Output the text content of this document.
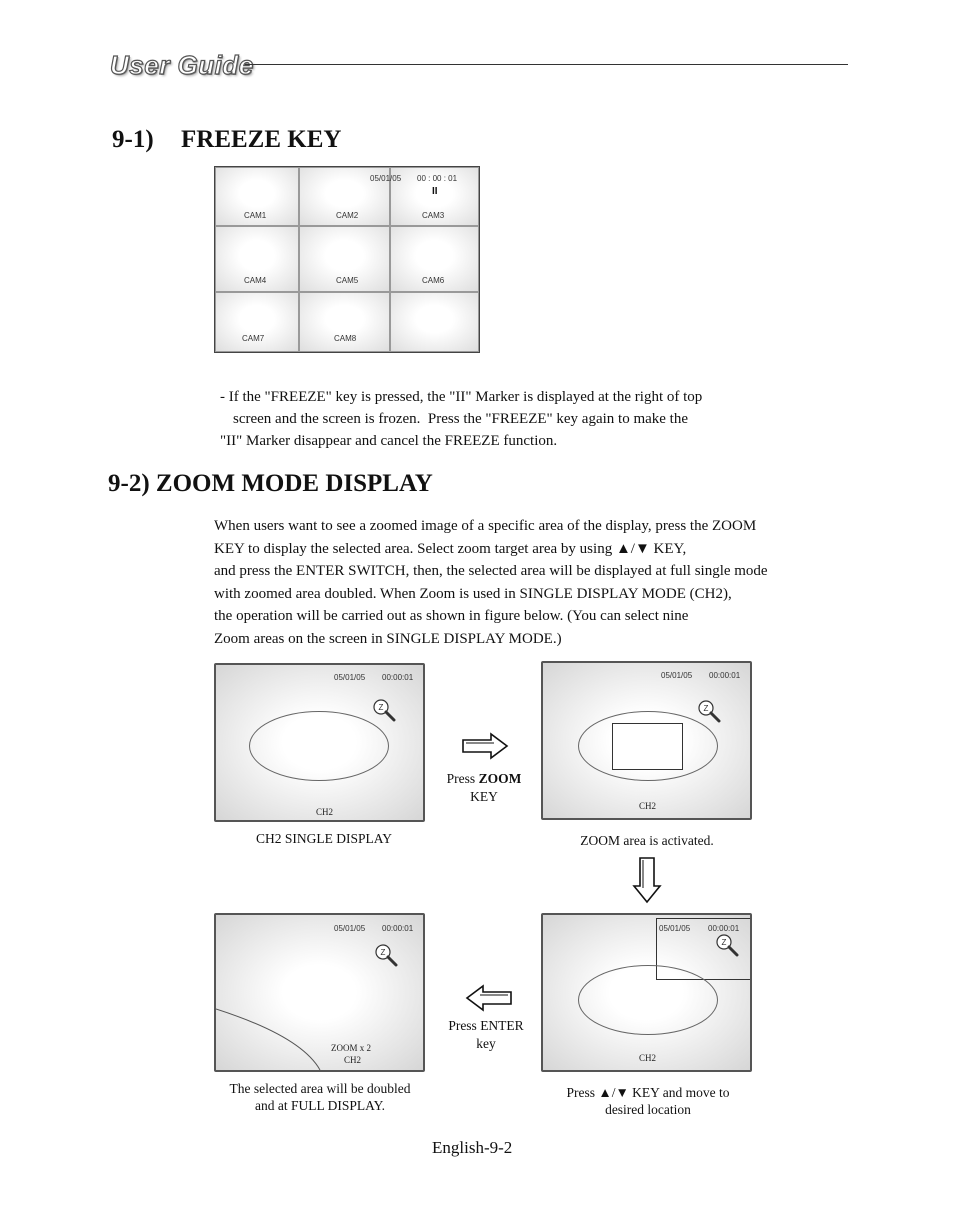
User Guide
9-1) FREEZE KEY
CAM1	CAM2	CAM3
CAM4	CAM5	CAM6
CAM7	CAM8
05/01/05 00 : 00 : 01
II
- If the "FREEZE" key is pressed, the "II" Marker is displayed at the right of top
screen and the screen is frozen.  Press the "FREEZE" key again to make the
"II" Marker disappear and cancel the FREEZE function.
9-2) ZOOM MODE DISPLAY
When users want to see a zoomed image of a specific area of the display, press the ZOOM
KEY to display the selected area. Select zoom target area by using ▲/▼ KEY,
and press the ENTER SWITCH, then, the selected area will be displayed at full single mode
with zoomed area doubled. When Zoom is used in SINGLE DISPLAY MODE (CH2),
the operation will be carried out as shown in figure below. (You can select nine
Zoom areas on the screen in SINGLE DISPLAY MODE.)
05/01/05 00:00:01
Z
CH2
CH2 SINGLE DISPLAY
Press ZOOM
KEY
05/01/05 00:00:01
Z
CH2
ZOOM area is activated.
05/01/05 00:00:01
Z
ZOOM x 2
CH2
The selected area will be doubled
and at FULL DISPLAY.
Press ENTER
key
05/01/05 00:00:01
Z
CH2
Press ▲/▼ KEY and move to
desired location
English-9-2
